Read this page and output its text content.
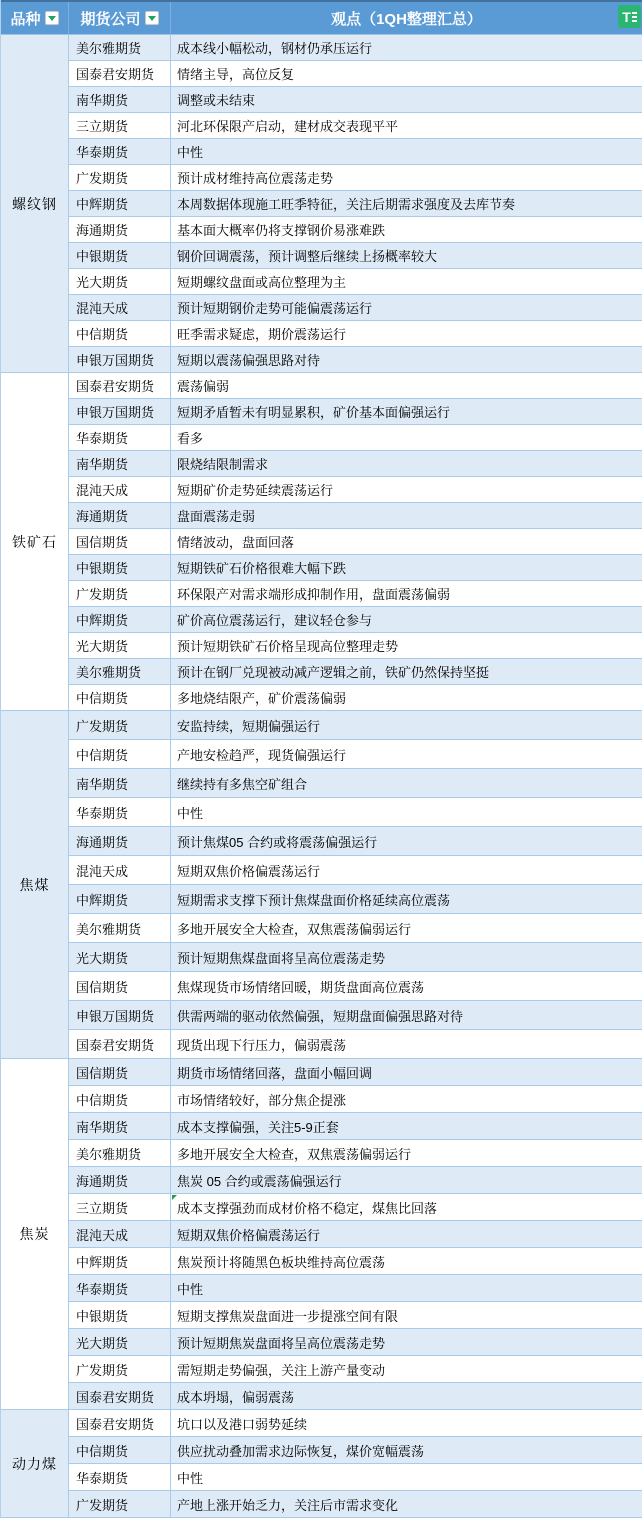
品种	期货公司	观点（1QH整理汇总）	T
螺纹钢
美尔雅期货	成本线小幅松动，钢材仍承压运行
国泰君安期货	情绪主导，高位反复
南华期货	调整或未结束
三立期货	河北环保限产启动，建材成交表现平平
华泰期货	中性
广发期货	预计成材维持高位震荡走势
中辉期货	本周数据体现施工旺季特征，关注后期需求强度及去库节奏
海通期货	基本面大概率仍将支撑钢价易涨难跌
中银期货	钢价回调震荡，预计调整后继续上扬概率较大
光大期货	短期螺纹盘面或高位整理为主
混沌天成	预计短期钢价走势可能偏震荡运行
中信期货	旺季需求疑虑，期价震荡运行
申银万国期货	短期以震荡偏强思路对待
铁矿石
国泰君安期货	震荡偏弱
申银万国期货	短期矛盾暂未有明显累积，矿价基本面偏强运行
华泰期货	看多
南华期货	限烧结限制需求
混沌天成	短期矿价走势延续震荡运行
海通期货	盘面震荡走弱
国信期货	情绪波动，盘面回落
中银期货	短期铁矿石价格很难大幅下跌
广发期货	环保限产对需求端形成抑制作用，盘面震荡偏弱
中辉期货	矿价高位震荡运行，建议轻仓参与
光大期货	预计短期铁矿石价格呈现高位整理走势
美尔雅期货	预计在钢厂兑现被动减产逻辑之前，铁矿仍然保持坚挺
中信期货	多地烧结限产，矿价震荡偏弱
焦煤
广发期货	安监持续，短期偏强运行
中信期货	产地安检趋严，现货偏强运行
南华期货	继续持有多焦空矿组合
华泰期货	中性
海通期货	预计焦煤05 合约或将震荡偏强运行
混沌天成	短期双焦价格偏震荡运行
中辉期货	短期需求支撑下预计焦煤盘面价格延续高位震荡
美尔雅期货	多地开展安全大检查，双焦震荡偏弱运行
光大期货	预计短期焦煤盘面将呈高位震荡走势
国信期货	焦煤现货市场情绪回暖，期货盘面高位震荡
申银万国期货	供需两端的驱动依然偏强，短期盘面偏强思路对待
国泰君安期货	现货出现下行压力，偏弱震荡
焦炭
国信期货	期货市场情绪回落，盘面小幅回调
中信期货	市场情绪较好，部分焦企提涨
南华期货	成本支撑偏强，关注5-9正套
美尔雅期货	多地开展安全大检查，双焦震荡偏弱运行
海通期货	焦炭 05 合约或震荡偏强运行
三立期货	成本支撑强劲而成材价格不稳定，煤焦比回落
混沌天成	短期双焦价格偏震荡运行
中辉期货	焦炭预计将随黑色板块维持高位震荡
华泰期货	中性
中银期货	短期支撑焦炭盘面进一步提涨空间有限
光大期货	预计短期焦炭盘面将呈高位震荡走势
广发期货	需短期走势偏强，关注上游产量变动
国泰君安期货	成本坍塌，偏弱震荡
动力煤
国泰君安期货	坑口以及港口弱势延续
中信期货	供应扰动叠加需求边际恢复，煤价宽幅震荡
华泰期货	中性
广发期货	产地上涨开始乏力，关注后市需求变化
